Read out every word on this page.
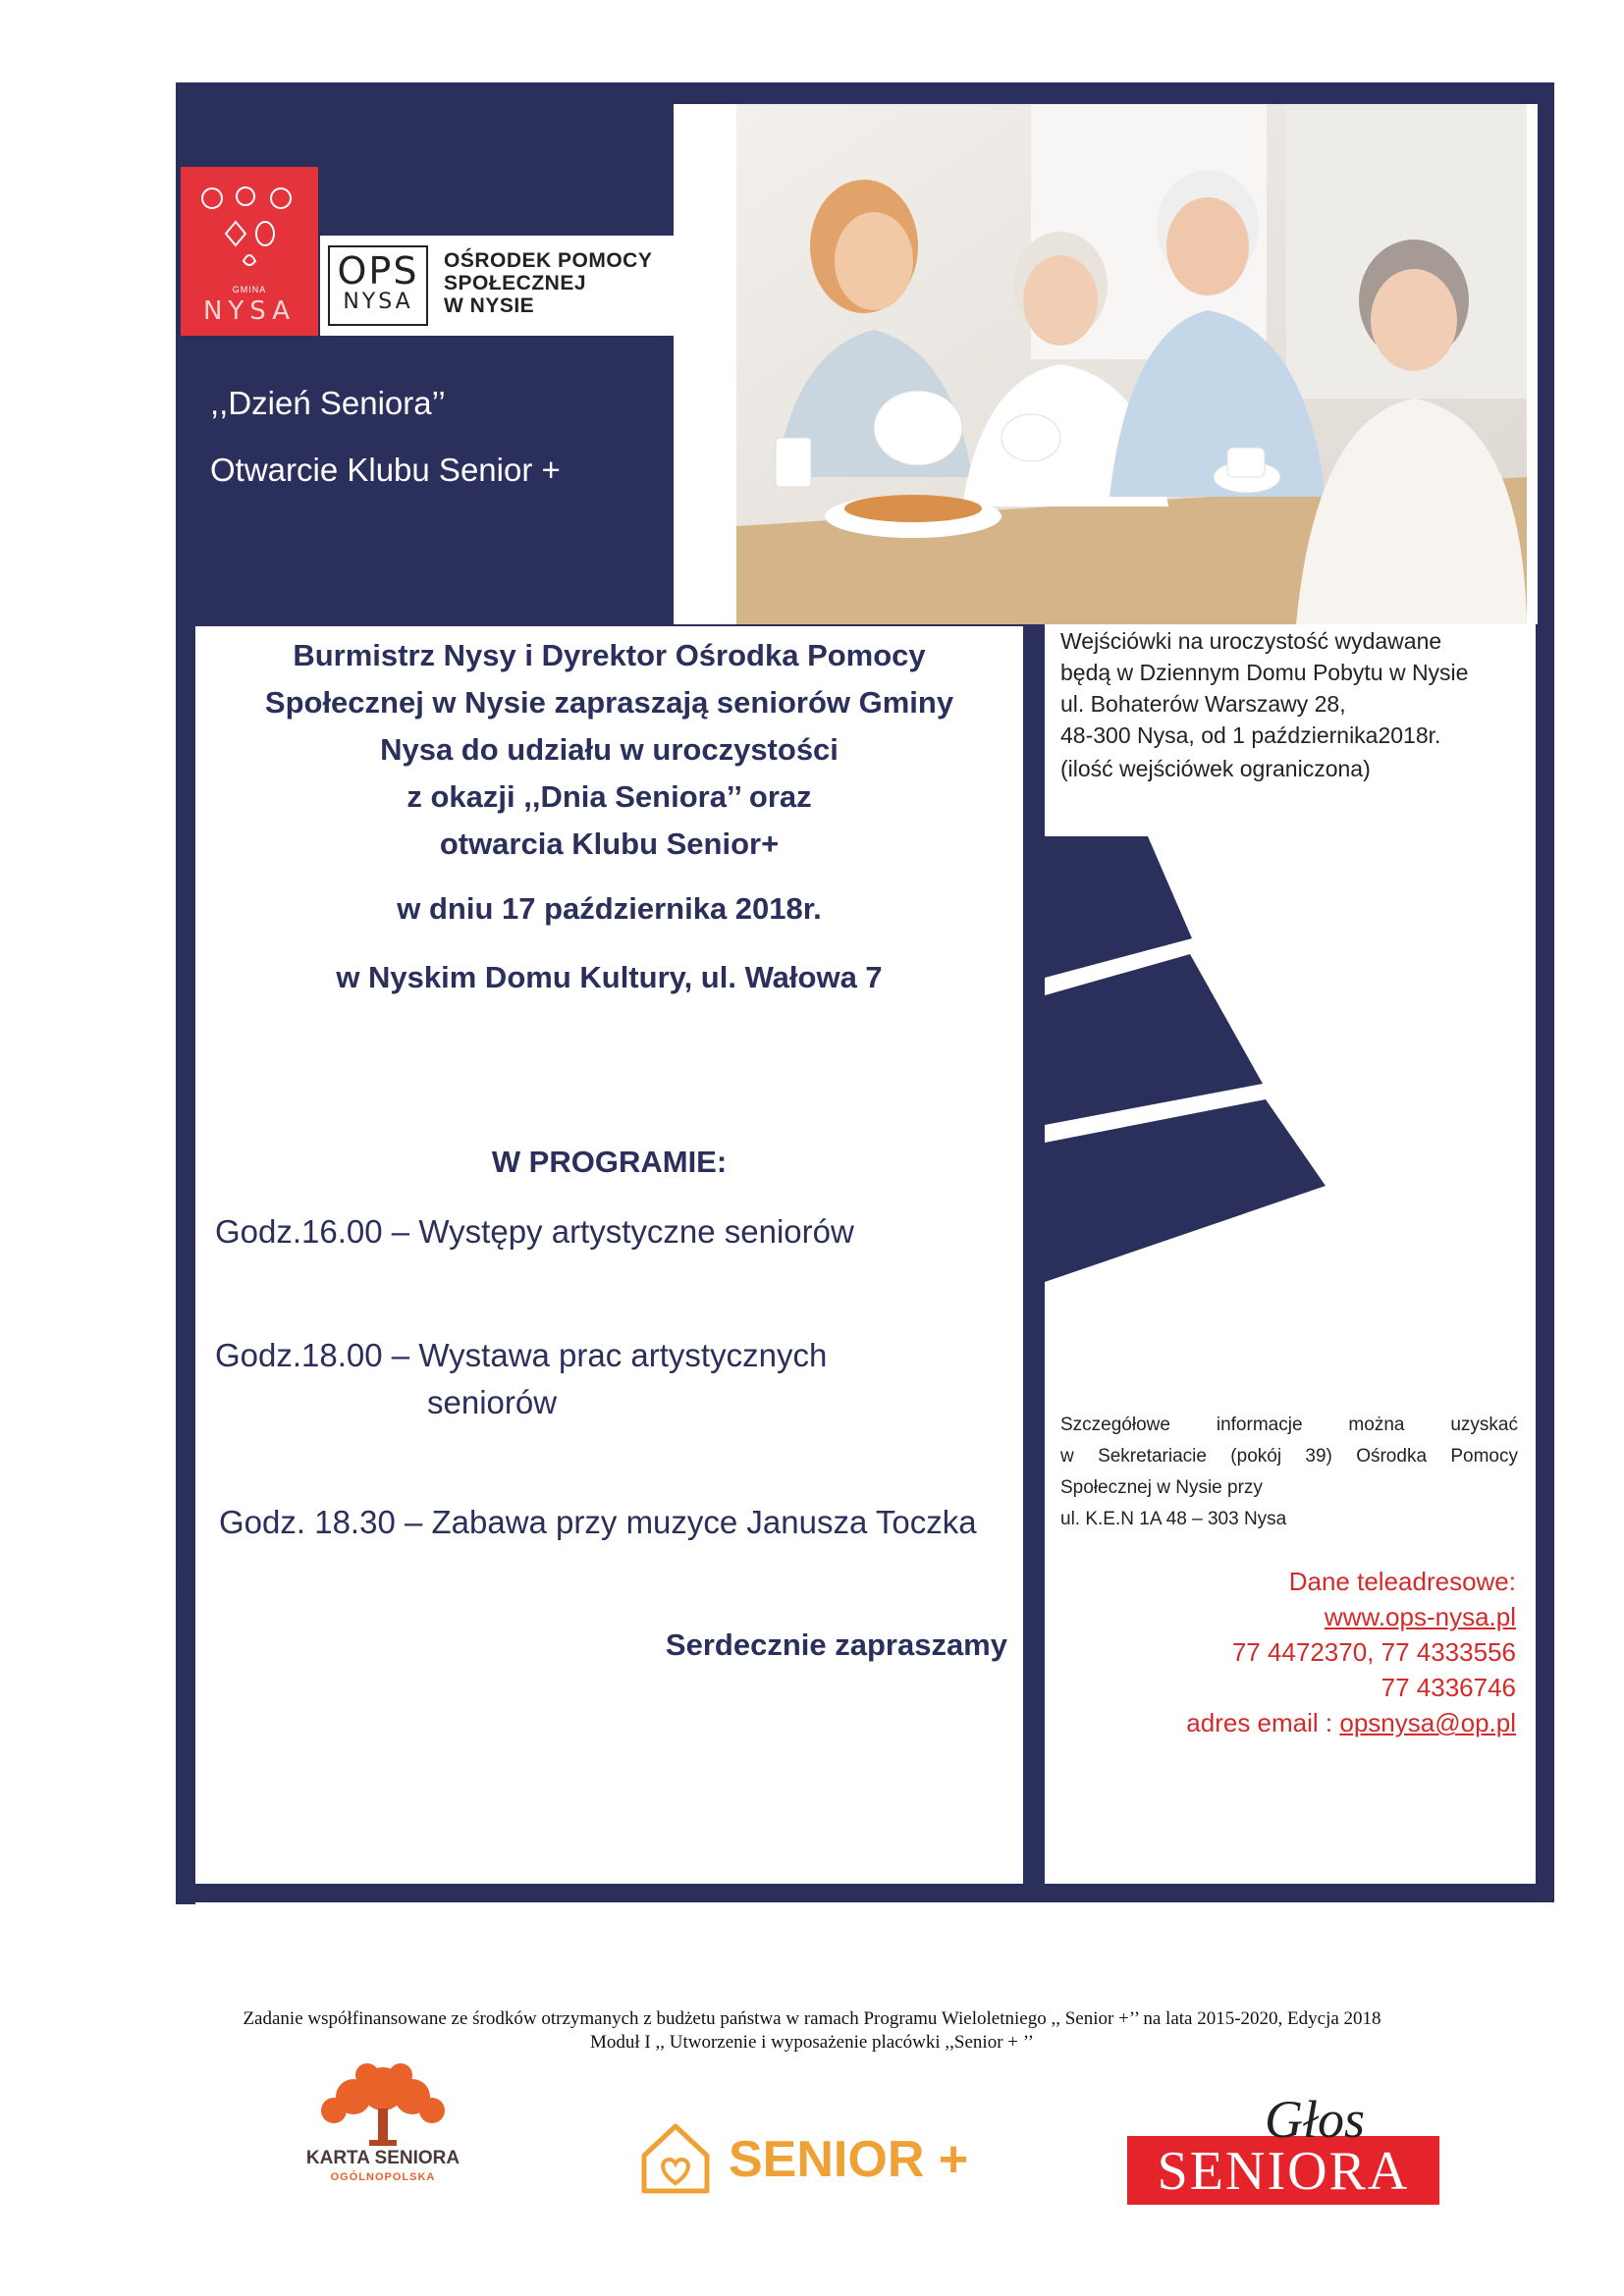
GMINA
NYSA
OPS
NYSA
OŚRODEK POMOCY
SPOŁECZNEJ
W NYSIE
,,Dzień Seniora’’
Otwarcie Klubu Senior +
Burmistrz Nysy i Dyrektor Ośrodka Pomocy
Społecznej w Nysie zapraszają seniorów Gminy
Nysa do udziału w uroczystości
z okazji ,,Dnia Seniora’’ oraz
otwarcia Klubu Senior+
w dniu 17 października 2018r.
w Nyskim Domu Kultury, ul. Wałowa 7
W PROGRAMIE:
Godz.16.00 – Występy artystyczne seniorów
Godz.18.00 – Wystawa prac artystycznych
seniorów
Godz. 18.30 – Zabawa przy muzyce Janusza Toczka
Serdecznie zapraszamy
Wejściówki na uroczystość wydawane
będą w Dziennym Domu Pobytu w Nysie
ul. Bohaterów Warszawy 28,
48-300 Nysa, od 1 października2018r.
(ilość wejściówek ograniczona)
Szczegółowe informacje można uzyskać
w Sekretariacie (pokój 39) Ośrodka Pomocy
Społecznej w Nysie przy
ul. K.E.N 1A 48 – 303 Nysa
Dane teleadresowe:
www.ops-nysa.pl
77 4472370, 77 4333556
77 4336746
adres email : opsnysa@op.pl
Zadanie współfinansowane ze środków otrzymanych z budżetu państwa w ramach Programu Wieloletniego ,, Senior +’’ na lata 2015-2020, Edycja 2018
Moduł I ,, Utworzenie i wyposażenie placówki ,,Senior + ’’
KARTA SENIORA
OGÓLNOPOLSKA	SENIOR +	SENIORA
Głos
